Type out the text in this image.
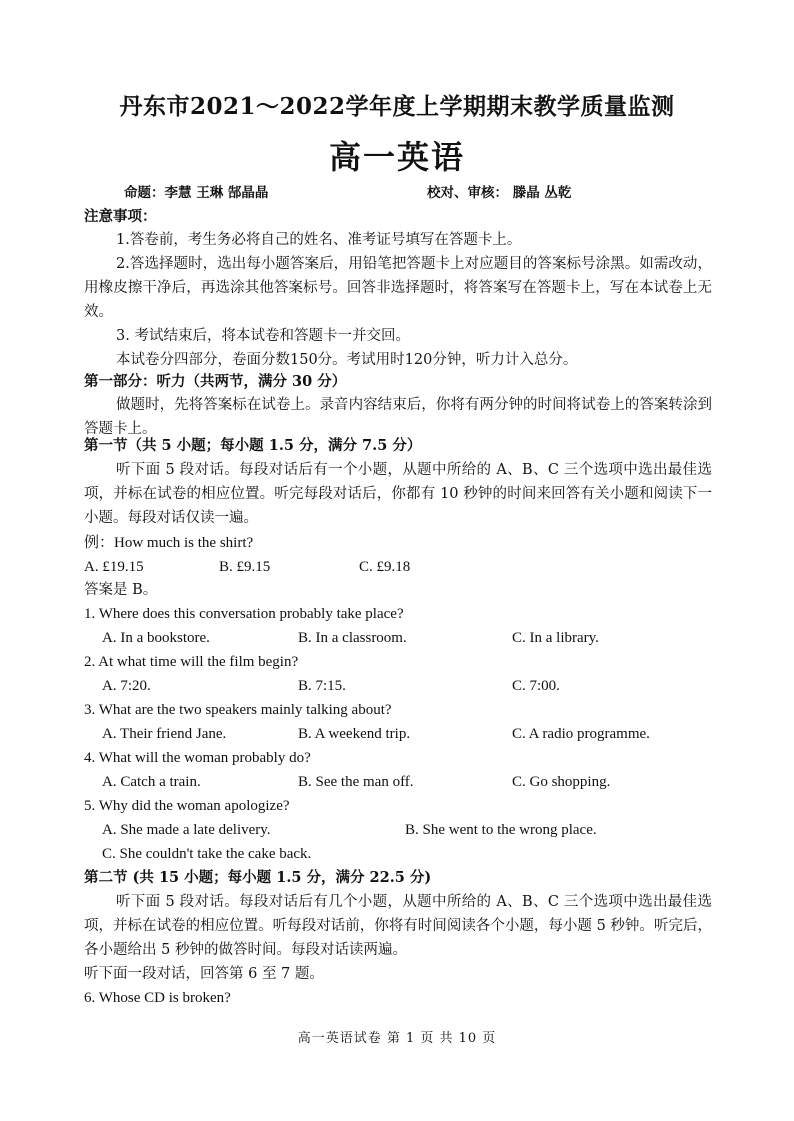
丹东市2021～2022学年度上学期期末教学质量监测
高一英语
命题：李慧 王琳 郜晶晶	校对、审核： 滕晶 丛乾
注意事项：
1.答卷前，考生务必将自己的姓名、准考证号填写在答题卡上。
2.答选择题时，选出每小题答案后，用铅笔把答题卡上对应题目的答案标号涂黑。如需改动，用橡皮擦干净后，再选涂其他答案标号。回答非选择题时，将答案写在答题卡上，写在本试卷上无效。
3. 考试结束后，将本试卷和答题卡一并交回。
本试卷分四部分，卷面分数150分。考试用时120分钟，听力计入总分。
第一部分：听力（共两节，满分 30 分）
做题时，先将答案标在试卷上。录音内容结束后，你将有两分钟的时间将试卷上的答案转涂到答题卡上。
第一节（共 5 小题；每小题 1.5 分，满分 7.5 分）
听下面 5 段对话。每段对话后有一个小题，从题中所给的 A、B、C 三个选项中选出最佳选项，并标在试卷的相应位置。听完每段对话后，你都有 10 秒钟的时间来回答有关小题和阅读下一小题。每段对话仅读一遍。
例：How much is the shirt?
A. £19.15	B. £9.15	C. £9.18
答案是 B。
1. Where does this conversation probably take place?
A. In a bookstore.	B. In a classroom.	C. In a library.
2. At what time will the film begin?
A. 7:20.	B. 7:15.	C. 7:00.
3. What are the two speakers mainly talking about?
A. Their friend Jane.	B. A weekend trip.	C. A radio programme.
4. What will the woman probably do?
A. Catch a train.	B. See the man off.	C. Go shopping.
5. Why did the woman apologize?
A. She made a late delivery.	B. She went to the wrong place.
C. She couldn't take the cake back.
第二节 (共 15 小题；每小题 1.5 分，满分 22.5 分)
听下面 5 段对话。每段对话后有几个小题，从题中所给的 A、B、C 三个选项中选出最佳选项，并标在试卷的相应位置。听每段对话前，你将有时间阅读各个小题，每小题 5 秒钟。听完后，各小题给出 5 秒钟的做答时间。每段对话读两遍。
听下面一段对话，回答第 6 至 7 题。
6. Whose CD is broken?
高一英语试卷 第 1 页 共 10 页
